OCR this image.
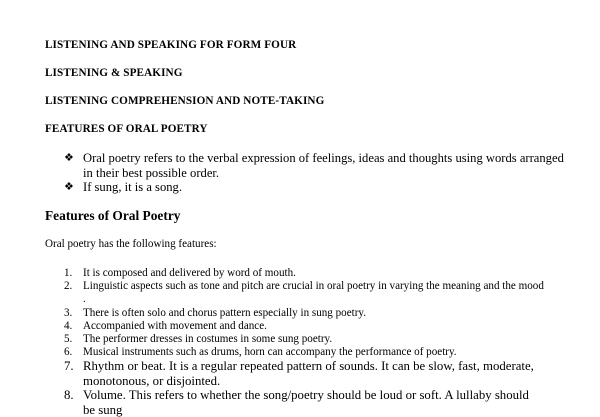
LISTENING AND SPEAKING FOR FORM FOUR
LISTENING & SPEAKING
LISTENING COMPREHENSION AND NOTE-TAKING
FEATURES OF ORAL POETRY
❖ Oral poetry refers to the verbal expression of feelings, ideas and thoughts using words arranged in their best possible order.
❖ If sung, it is a song.
Features of Oral Poetry
Oral poetry has the following features:
1. It is composed and delivered by word of mouth.
2. Linguistic aspects such as tone and pitch are crucial in oral poetry in varying the meaning and the mood .
3. There is often solo and chorus pattern especially in sung poetry.
4. Accompanied with movement and dance.
5. The performer dresses in costumes in some sung poetry.
6. Musical instruments such as drums, horn can accompany the performance of poetry.
7. Rhythm or beat. It is a regular repeated pattern of sounds. It can be slow, fast, moderate, monotonous, or disjointed.
8. Volume. This refers to whether the song/poetry should be loud or soft. A lullaby should be sung
